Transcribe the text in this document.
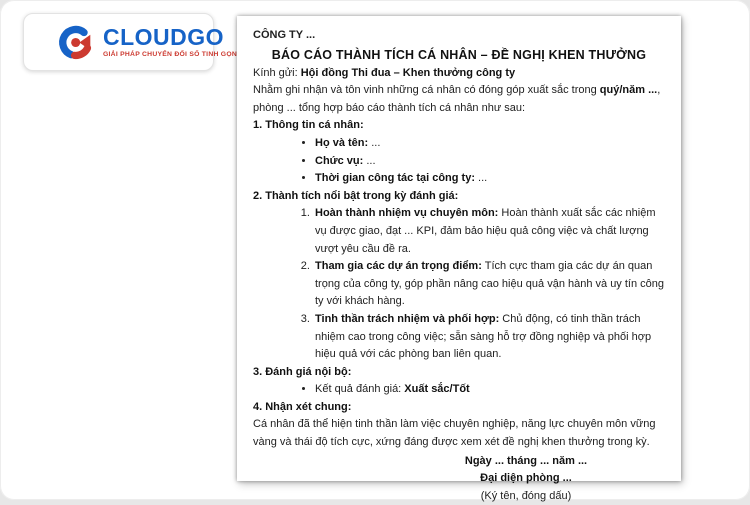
CLOUDGO
GIẢI PHÁP CHUYỂN ĐỔI SỐ TINH GỌN

CÔNG TY ...

BÁO CÁO THÀNH TÍCH CÁ NHÂN – ĐỀ NGHỊ KHEN THƯỞNG

Kính gửi: Hội đồng Thi đua – Khen thưởng công ty

Nhằm ghi nhận và tôn vinh những cá nhân có đóng góp xuất sắc trong quý/năm ..., phòng ... tổng hợp báo cáo thành tích cá nhân như sau:

1. Thông tin cá nhân:

• Họ và tên: ...
• Chức vụ: ...
• Thời gian công tác tại công ty: ...

2. Thành tích nổi bật trong kỳ đánh giá:

1. Hoàn thành nhiệm vụ chuyên môn: Hoàn thành xuất sắc các nhiệm vụ được giao, đạt ... KPI, đảm bảo hiệu quả công việc và chất lượng vượt yêu cầu đề ra.
2. Tham gia các dự án trọng điểm: Tích cực tham gia các dự án quan trọng của công ty, góp phần nâng cao hiệu quả vận hành và uy tín công ty với khách hàng.
3. Tinh thần trách nhiệm và phối hợp: Chủ động, có tinh thần trách nhiệm cao trong công việc; sẵn sàng hỗ trợ đồng nghiệp và phối hợp hiệu quả với các phòng ban liên quan.

3. Đánh giá nội bộ:

• Kết quả đánh giá: Xuất sắc/Tốt

4. Nhận xét chung:

Cá nhân đã thể hiện tinh thần làm việc chuyên nghiệp, năng lực chuyên môn vững vàng và thái độ tích cực, xứng đáng được xem xét đề nghị khen thưởng trong kỳ.

Ngày ... tháng ... năm ...
Đại diện phòng ...
(Ký tên, đóng dấu)
